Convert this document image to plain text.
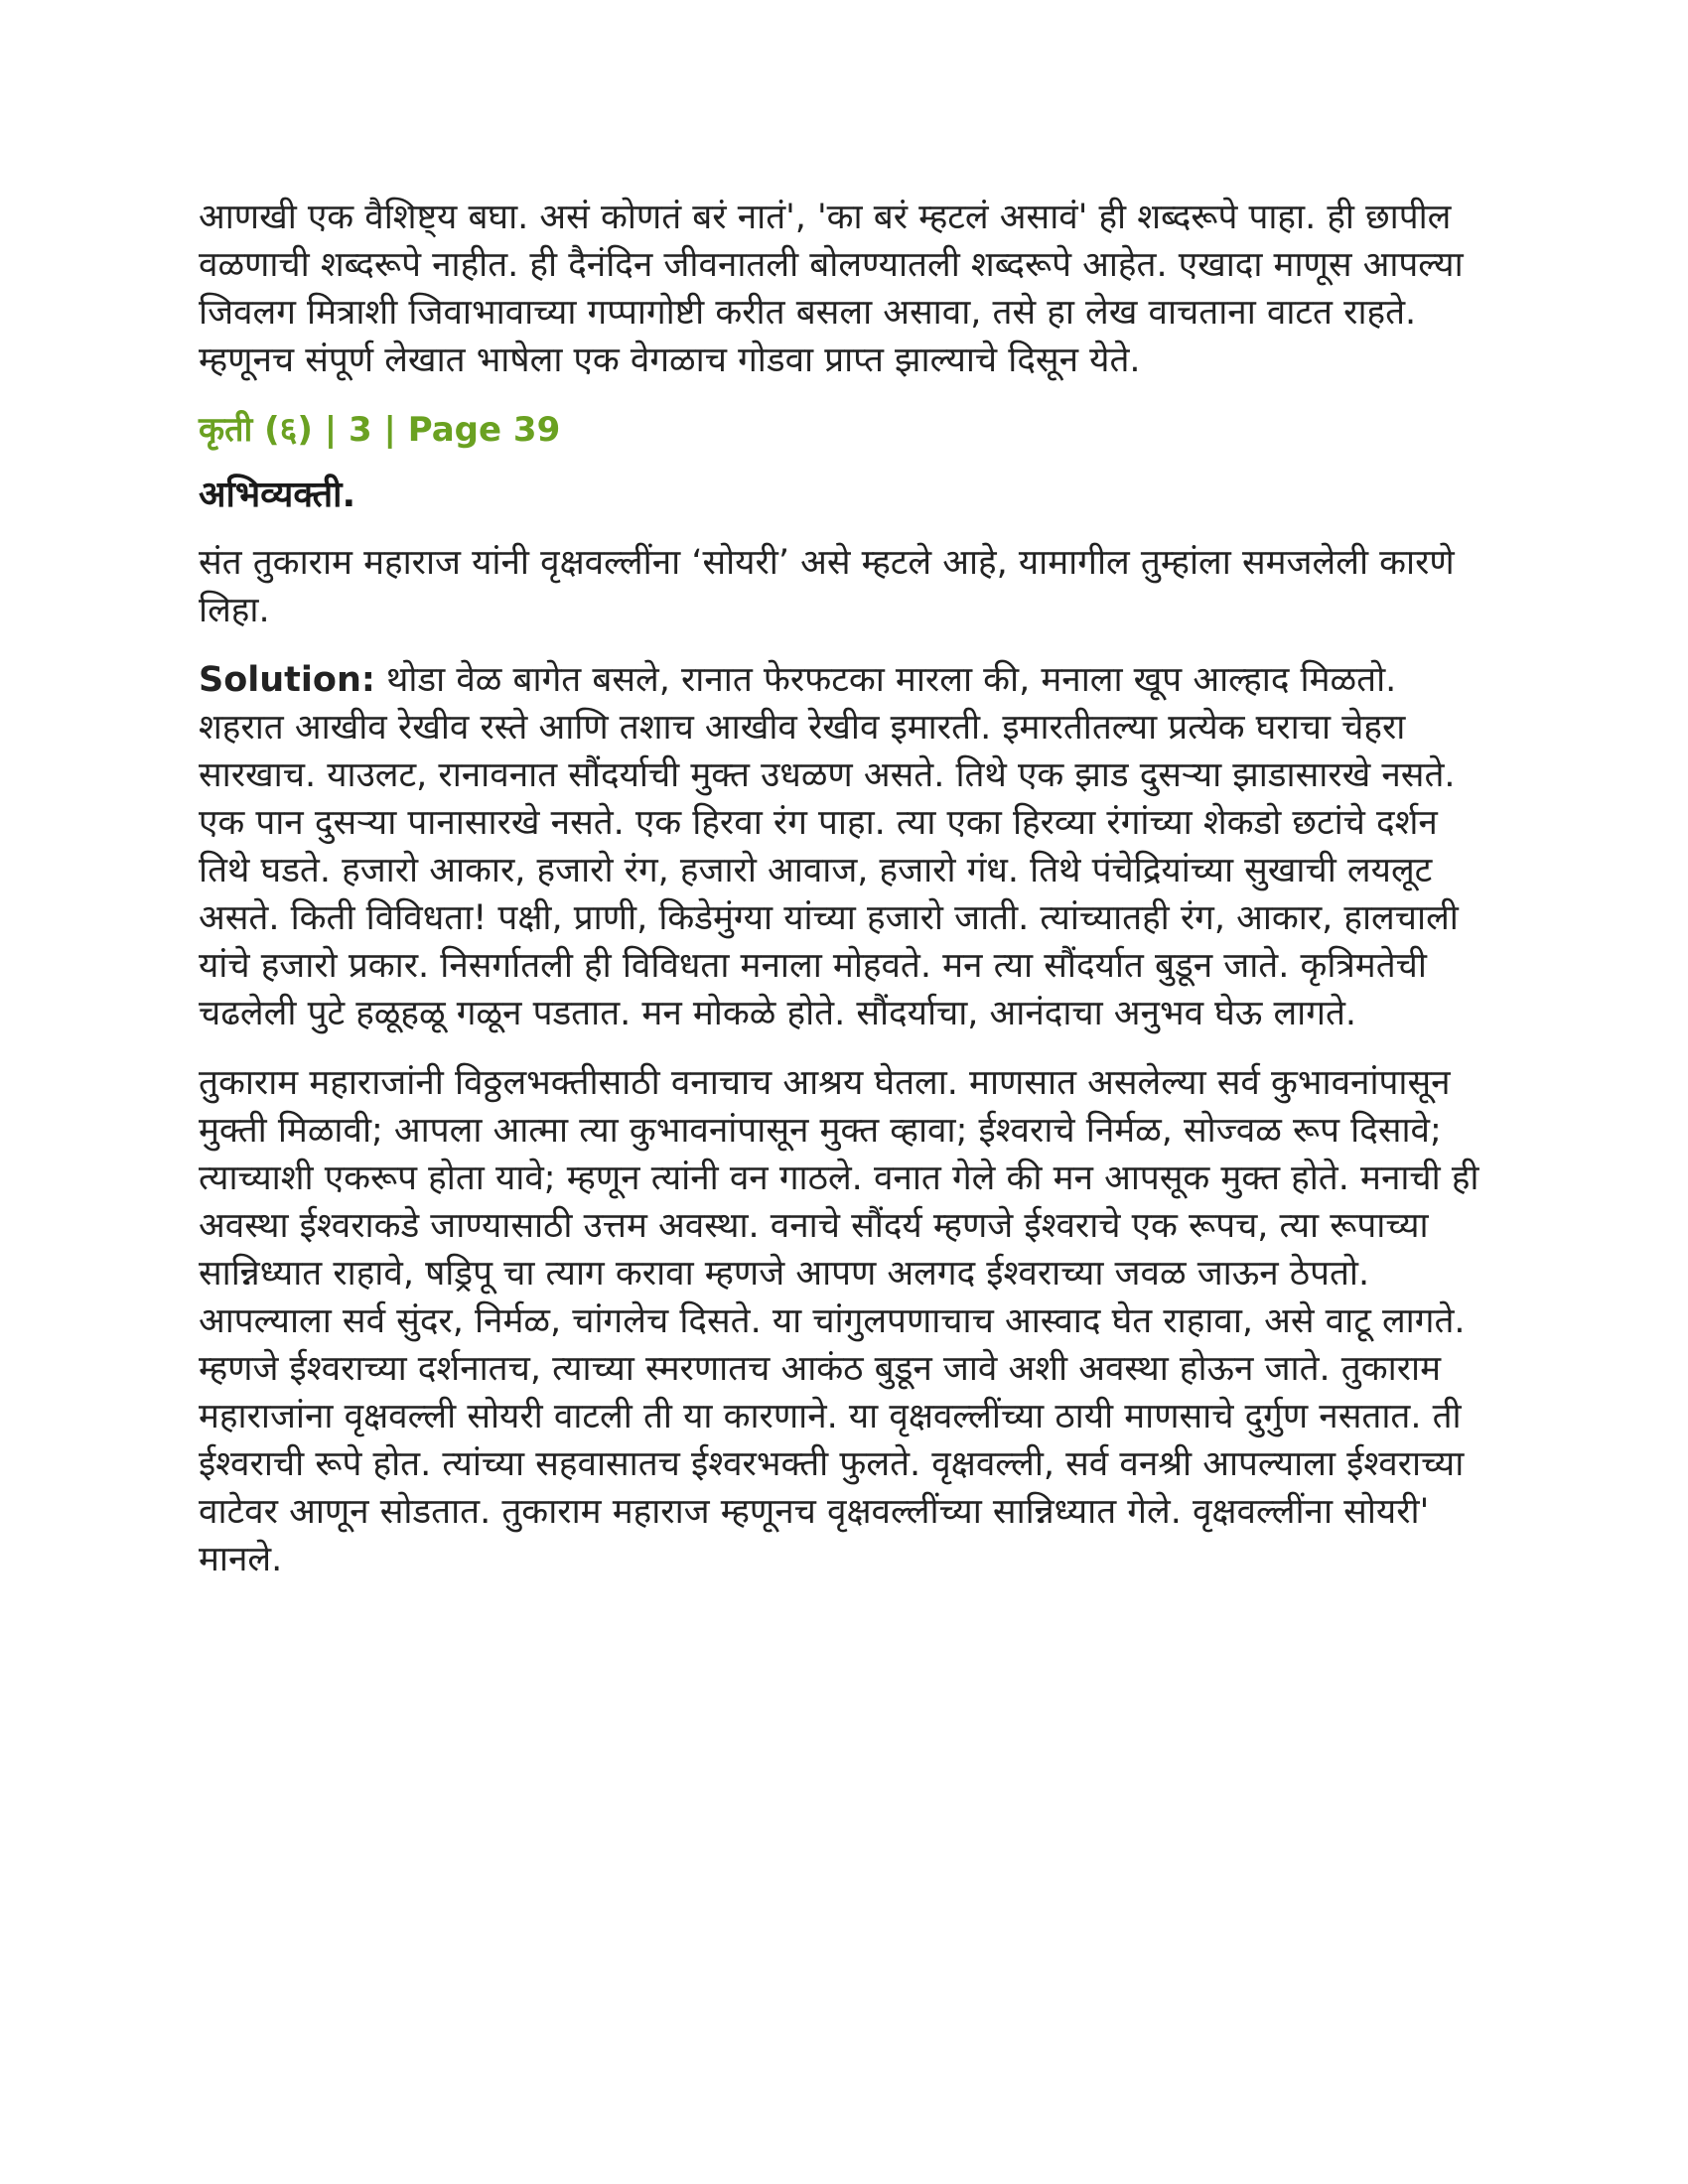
आणखी एक वैशिष्ट्य बघा. असं कोणतं बरं नातं', 'का बरं म्हटलं असावं' ही शब्दरूपे पाहा. ही छापील वळणाची शब्दरूपे नाहीत. ही दैनंदिन जीवनातली बोलण्यातली शब्दरूपे आहेत. एखादा माणूस आपल्या जिवलग मित्राशी जिवाभावाच्या गप्पागोष्टी करीत बसला असावा, तसे हा लेख वाचताना वाटत राहते. म्हणूनच संपूर्ण लेखात भाषेला एक वेगळाच गोडवा प्राप्त झाल्याचे दिसून येते.

कृती (६) | 3 | Page 39
अभिव्यक्ती.

संत तुकाराम महाराज यांनी वृक्षवल्लींना ‘सोयरी’ असे म्हटले आहे, यामागील तुम्हांला समजलेली कारणे लिहा.

Solution: थोडा वेळ बागेत बसले, रानात फेरफटका मारला की, मनाला खूप आल्हाद मिळतो. शहरात आखीव रेखीव रस्ते आणि तशाच आखीव रेखीव इमारती. इमारतीतल्या प्रत्येक घराचा चेहरा सारखाच. याउलट, रानावनात सौंदर्याची मुक्त उधळण असते. तिथे एक झाड दुसऱ्या झाडासारखे नसते. एक पान दुसऱ्या पानासारखे नसते. एक हिरवा रंग पाहा. त्या एका हिरव्या रंगांच्या शेकडो छटांचे दर्शन तिथे घडते. हजारो आकार, हजारो रंग, हजारो आवाज, हजारो गंध. तिथे पंचेद्रियांच्या सुखाची लयलूट असते. किती विविधता! पक्षी, प्राणी, किडेमुंग्या यांच्या हजारो जाती. त्यांच्यातही रंग, आकार, हालचाली यांचे हजारो प्रकार. निसर्गातली ही विविधता मनाला मोहवते. मन त्या सौंदर्यात बुडून जाते. कृत्रिमतेची चढलेली पुटे हळूहळू गळून पडतात. मन मोकळे होते. सौंदर्याचा, आनंदाचा अनुभव घेऊ लागते.

तुकाराम महाराजांनी विठ्ठलभक्तीसाठी वनाचाच आश्रय घेतला. माणसात असलेल्या सर्व कुभावनांपासून मुक्ती मिळावी; आपला आत्मा त्या कुभावनांपासून मुक्त व्हावा; ईश्वराचे निर्मळ, सोज्वळ रूप दिसावे; त्याच्याशी एकरूप होता यावे; म्हणून त्यांनी वन गाठले. वनात गेले की मन आपसूक मुक्त होते. मनाची ही अवस्था ईश्वराकडे जाण्यासाठी उत्तम अवस्था. वनाचे सौंदर्य म्हणजे ईश्वराचे एक रूपच, त्या रूपाच्या सान्निध्यात राहावे, षड्रिपू चा त्याग करावा म्हणजे आपण अलगद ईश्वराच्या जवळ जाऊन ठेपतो. आपल्याला सर्व सुंदर, निर्मळ, चांगलेच दिसते. या चांगुलपणाचाच आस्वाद घेत राहावा, असे वाटू लागते. म्हणजे ईश्वराच्या दर्शनातच, त्याच्या स्मरणातच आकंठ बुडून जावे अशी अवस्था होऊन जाते. तुकाराम महाराजांना वृक्षवल्ली सोयरी वाटली ती या कारणाने. या वृक्षवल्लींच्या ठायी माणसाचे दुर्गुण नसतात. ती ईश्वराची रूपे होत. त्यांच्या सहवासातच ईश्वरभक्ती फुलते. वृक्षवल्ली, सर्व वनश्री आपल्याला ईश्वराच्या वाटेवर आणून सोडतात. तुकाराम महाराज म्हणूनच वृक्षवल्लींच्या सान्निध्यात गेले. वृक्षवल्लींना सोयरी' मानले.
